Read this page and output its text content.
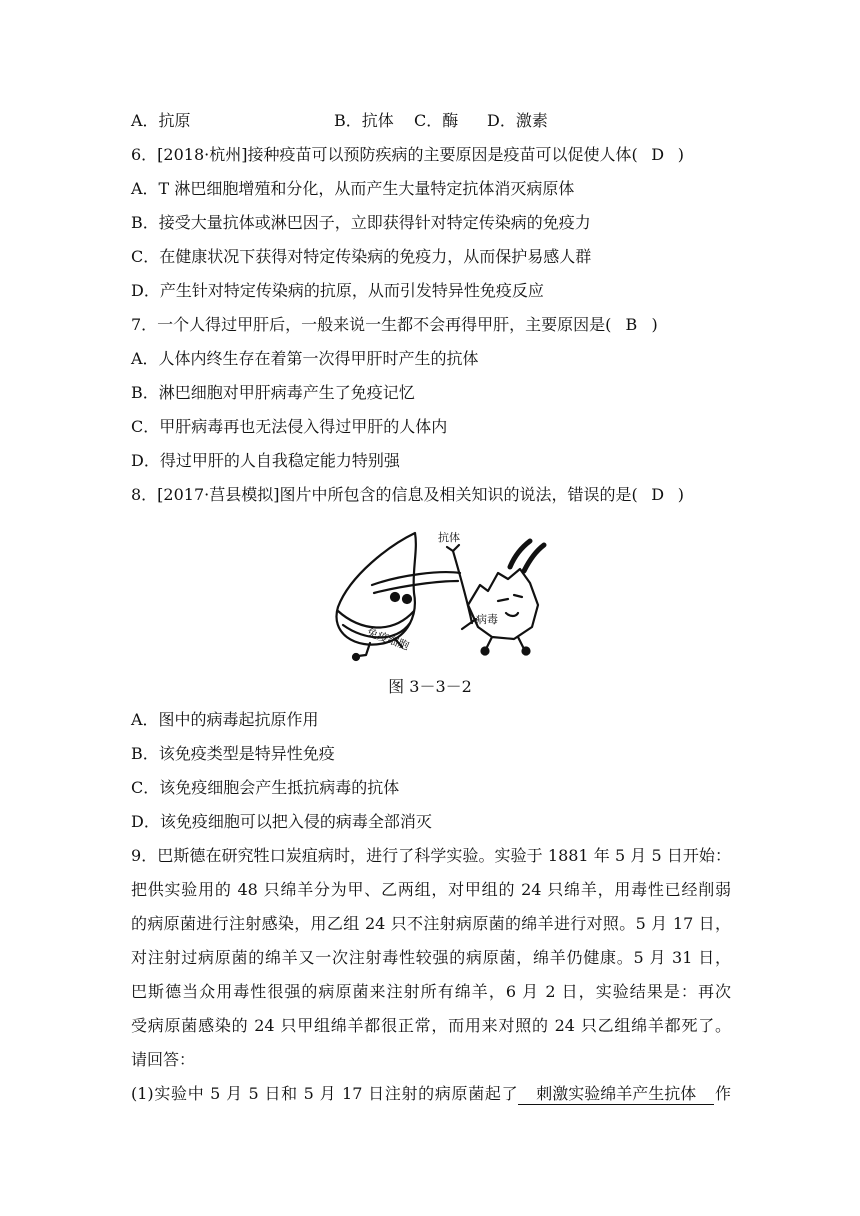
A．抗原	B．抗体 C．酶 D．激素
6．[2018·杭州]接种疫苗可以预防疾病的主要原因是疫苗可以促使人体( D )
A．T 淋巴细胞增殖和分化，从而产生大量特定抗体消灭病原体
B．接受大量抗体或淋巴因子，立即获得针对特定传染病的免疫力
C．在健康状况下获得对特定传染病的免疫力，从而保护易感人群
D．产生针对特定传染病的抗原，从而引发特异性免疫反应
7．一个人得过甲肝后，一般来说一生都不会再得甲肝，主要原因是( B )
A．人体内终生存在着第一次得甲肝时产生的抗体
B．淋巴细胞对甲肝病毒产生了免疫记忆
C．甲肝病毒再也无法侵入得过甲肝的人体内
D．得过甲肝的人自我稳定能力特别强
8．[2017·莒县模拟]图片中所包含的信息及相关知识的说法，错误的是( D )
抗体
免疫细胞
病毒
图 3－3－2
A．图中的病毒起抗原作用
B．该免疫类型是特异性免疫
C．该免疫细胞会产生抵抗病毒的抗体
D．该免疫细胞可以把入侵的病毒全部消灭
9．巴斯德在研究牲口炭疽病时，进行了科学实验。实验于 1881 年 5 月 5 日开始：
把供实验用的 48 只绵羊分为甲、乙两组，对甲组的 24 只绵羊，用毒性已经削弱
的病原菌进行注射感染，用乙组 24 只不注射病原菌的绵羊进行对照。5 月 17 日，
对注射过病原菌的绵羊又一次注射毒性较强的病原菌，绵羊仍健康。5 月 31 日，
巴斯德当众用毒性很强的病原菌来注射所有绵羊，6 月 2 日，实验结果是：再次
受病原菌感染的 24 只甲组绵羊都很正常，而用来对照的 24 只乙组绵羊都死了。
请回答：
(1)实验中 5 月 5 日和 5 月 17 日注射的病原菌起了 刺激实验绵羊产生抗体 作
